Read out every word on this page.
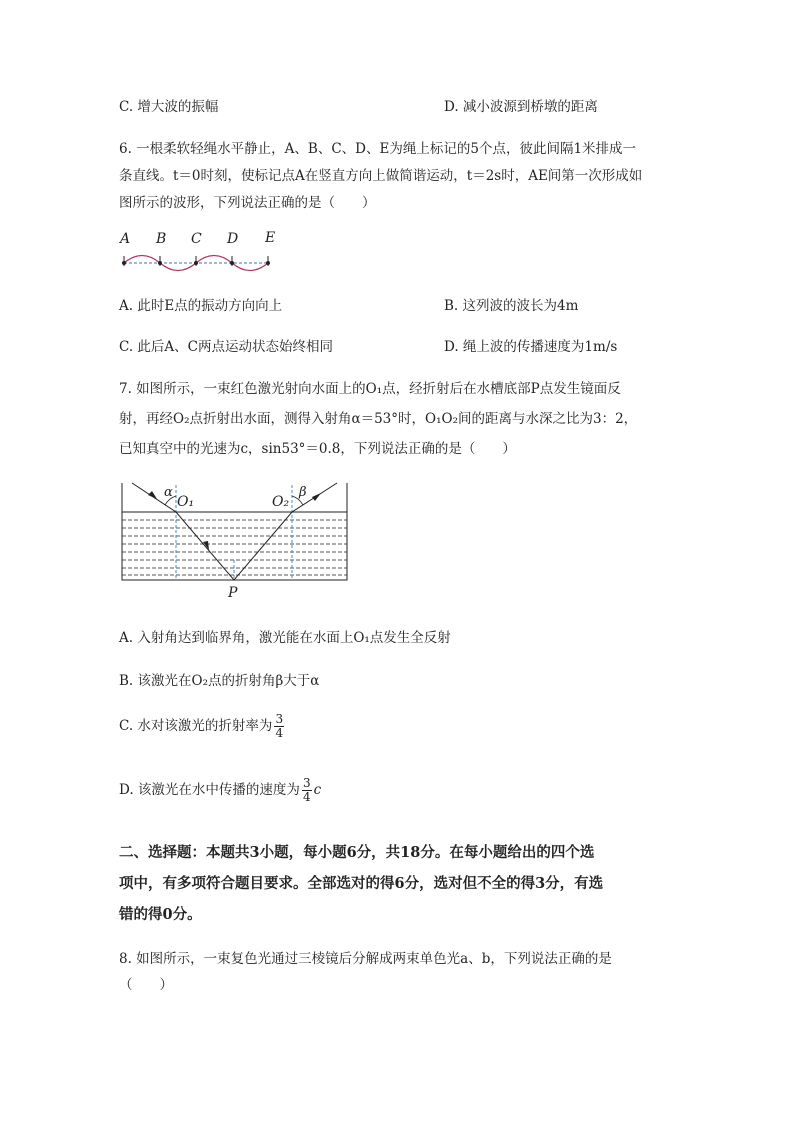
C. 增大波的振幅	D. 减小波源到桥墩的距离
6. 一根柔软轻绳水平静止，A、B、C、D、E为绳上标记的5个点，彼此间隔1米排成一
条直线。t＝0时刻，使标记点A在竖直方向上做简谐运动，t＝2s时，AE间第一次形成如
图所示的波形，下列说法正确的是（　　）
A B C D E
A. 此时E点的振动方向向上	B. 这列波的波长为4m
C. 此后A、C两点运动状态始终相同	D. 绳上波的传播速度为1m/s
7. 如图所示，一束红色激光射向水面上的O₁点，经折射后在水槽底部P点发生镜面反
射，再经O₂点折射出水面，测得入射角α＝53°时，O₁O₂间的距离与水深之比为3：2，
已知真空中的光速为c，sin53°＝0.8，下列说法正确的是（　　）
α
O₁	O₂
β
P
A. 入射角达到临界角，激光能在水面上O₁点发生全反射
B. 该激光在O₂点的折射角β大于α
C. 水对该激光的折射率为 $\frac{3}{4}$
D. 该激光在水中传播的速度为 $\frac{3}{4}$ c
二、选择题：本题共3小题，每小题6分，共18分。在每小题给出的四个选
项中，有多项符合题目要求。全部选对的得6分，选对但不全的得3分，有选
错的得0分。
8. 如图所示，一束复色光通过三棱镜后分解成两束单色光a、b，下列说法正确的是
（　　）
